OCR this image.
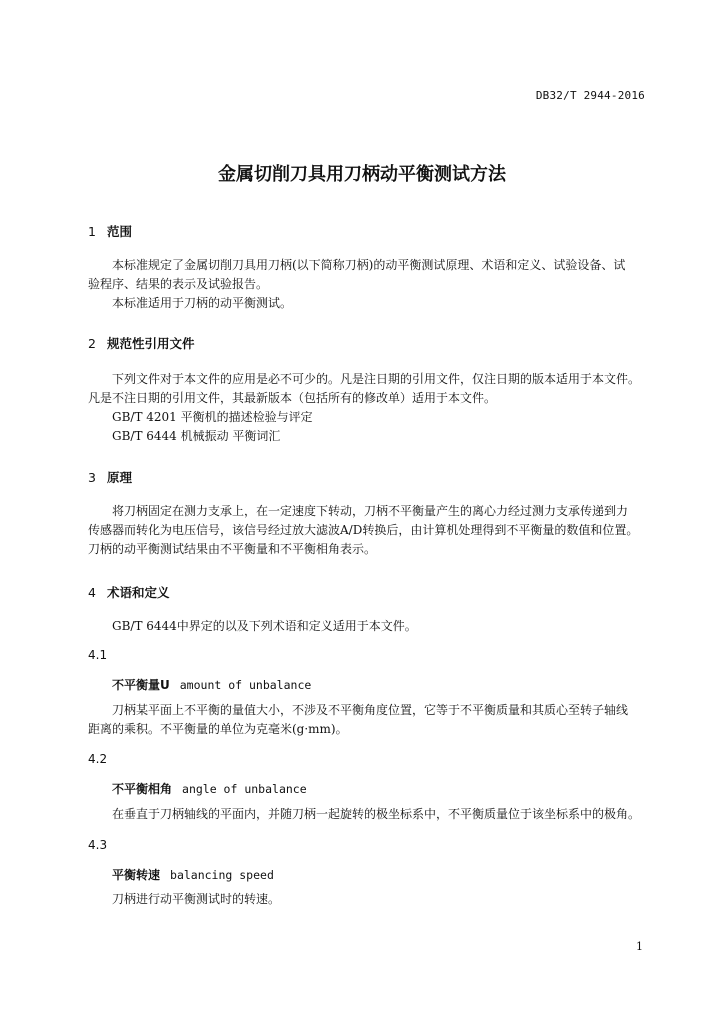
DB32/T 2944-2016
金属切削刀具用刀柄动平衡测试方法
1 范围
本标准规定了金属切削刀具用刀柄(以下简称刀柄)的动平衡测试原理、术语和定义、试验设备、试
验程序、结果的表示及试验报告。
本标准适用于刀柄的动平衡测试。
2 规范性引用文件
下列文件对于本文件的应用是必不可少的。凡是注日期的引用文件，仅注日期的版本适用于本文件。
凡是不注日期的引用文件，其最新版本（包括所有的修改单）适用于本文件。
GB/T 4201 平衡机的描述检验与评定
GB/T 6444 机械振动 平衡词汇
3 原理
将刀柄固定在测力支承上，在一定速度下转动，刀柄不平衡量产生的离心力经过测力支承传递到力
传感器而转化为电压信号，该信号经过放大滤波A/D转换后，由计算机处理得到不平衡量的数值和位置。
刀柄的动平衡测试结果由不平衡量和不平衡相角表示。
4 术语和定义
GB/T 6444中界定的以及下列术语和定义适用于本文件。
4.1
不平衡量U amount of unbalance
刀柄某平面上不平衡的量值大小，不涉及不平衡角度位置，它等于不平衡质量和其质心至转子轴线
距离的乘积。不平衡量的单位为克毫米(g·mm)。
4.2
不平衡相角 angle of unbalance
在垂直于刀柄轴线的平面内，并随刀柄一起旋转的极坐标系中，不平衡质量位于该坐标系中的极角。
4.3
平衡转速 balancing speed
刀柄进行动平衡测试时的转速。
1
